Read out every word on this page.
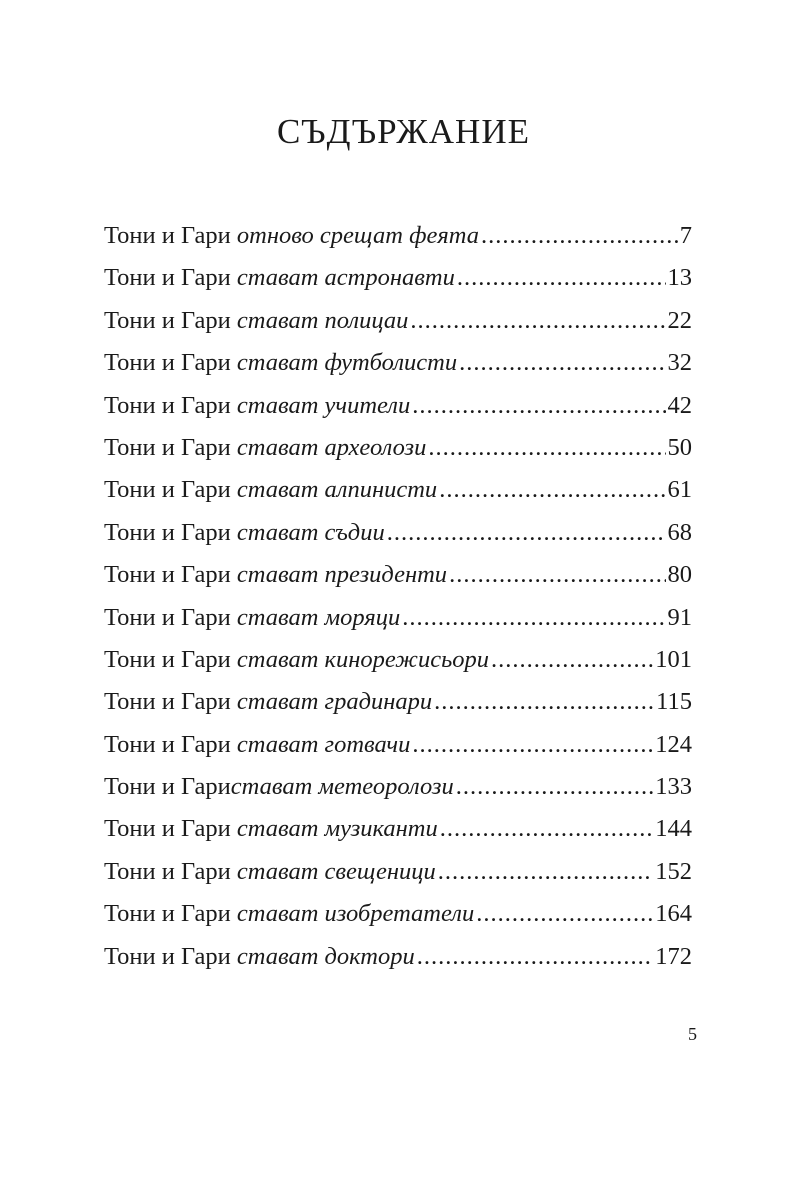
СЪДЪРЖАНИЕ
Тони и Гари отново срещат феята .....	7
Тони и Гари стават астронавти .....	13
Тони и Гари стават полицаи .....	22
Тони и Гари стават футболисти .....	32
Тони и Гари стават учители .....	42
Тони и Гари стават археолози .....	50
Тони и Гари стават алпинисти .....	61
Тони и Гари стават съдии .....	68
Тони и Гари стават президенти .....	80
Тони и Гари стават моряци .....	91
Тони и Гари стават кинорежисьори .....	101
Тони и Гари стават градинари .....	115
Тони и Гари стават готвачи .....	124
Тони и Гаристават метеоролози .....	133
Тони и Гари стават музиканти .....	144
Тони и Гари стават свещеници .....	152
Тони и Гари стават изобретатели .....	164
Тони и Гари стават доктори .....	172
5
